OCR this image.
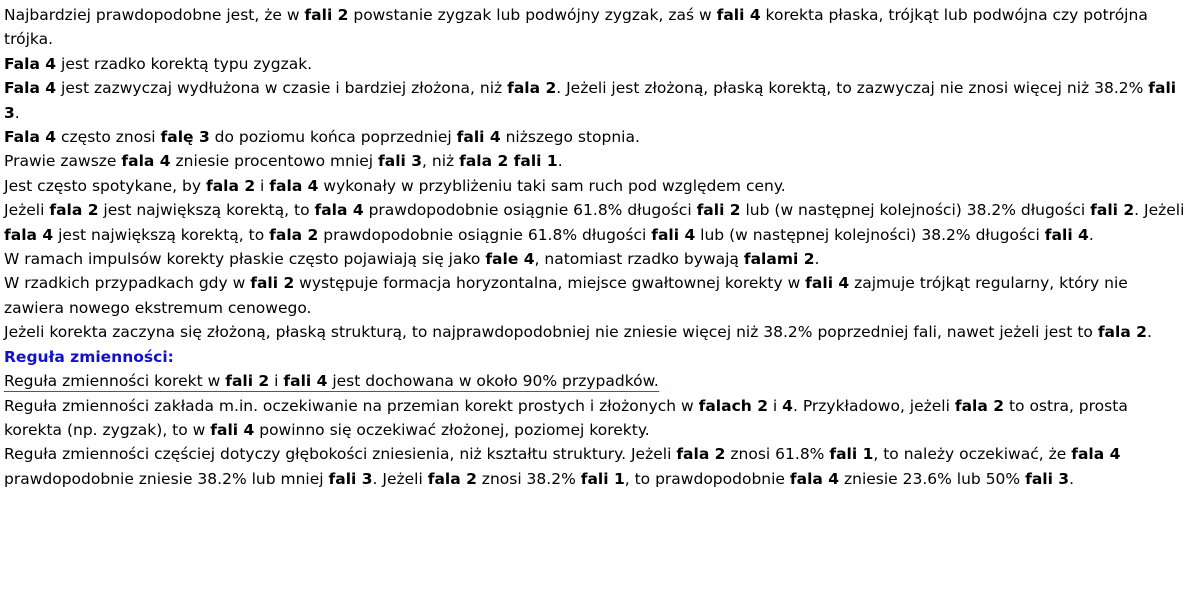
Najbardziej prawdopodobne jest, że w fali 2 powstanie zygzak lub podwójny zygzak, zaś w fali 4 korekta płaska, trójkąt lub podwójna czy potrójna trójka.
Fala 4 jest rzadko korektą typu zygzak.
Fala 4 jest zazwyczaj wydłużona w czasie i bardziej złożona, niż fala 2. Jeżeli jest złożoną, płaską korektą, to zazwyczaj nie znosi więcej niż 38.2% fali 3.
Fala 4 często znosi falę 3 do poziomu końca poprzedniej fali 4 niższego stopnia.
Prawie zawsze fala 4 zniesie procentowo mniej fali 3, niż fala 2 fali 1.
Jest często spotykane, by fala 2 i fala 4 wykonały w przybliżeniu taki sam ruch pod względem ceny.
Jeżeli fala 2 jest największą korektą, to fala 4 prawdopodobnie osiągnie 61.8% długości fali 2 lub (w następnej kolejności) 38.2% długości fali 2. Jeżeli fala 4 jest największą korektą, to fala 2 prawdopodobnie osiągnie 61.8% długości fali 4 lub (w następnej kolejności) 38.2% długości fali 4.
W ramach impulsów korekty płaskie często pojawiają się jako fale 4, natomiast rzadko bywają falami 2.
W rzadkich przypadkach gdy w fali 2 występuje formacja horyzontalna, miejsce gwałtownej korekty w fali 4 zajmuje trójkąt regularny, który nie zawiera nowego ekstremum cenowego.
Jeżeli korekta zaczyna się złożoną, płaską strukturą, to najprawdopodobniej nie zniesie więcej niż 38.2% poprzedniej fali, nawet jeżeli jest to fala 2.
Reguła zmienności:
Reguła zmienności korekt w fali 2 i fali 4 jest dochowana w około 90% przypadków.
Reguła zmienności zakłada m.in. oczekiwanie na przemian korekt prostych i złożonych w falach 2 i 4. Przykładowo, jeżeli fala 2 to ostra, prosta korekta (np. zygzak), to w fali 4 powinno się oczekiwać złożonej, poziomej korekty.
Reguła zmienności częściej dotyczy głębokości zniesienia, niż kształtu struktury. Jeżeli fala 2 znosi 61.8% fali 1, to należy oczekiwać, że fala 4 prawdopodobnie zniesie 38.2% lub mniej fali 3. Jeżeli fala 2 znosi 38.2% fali 1, to prawdopodobnie fala 4 zniesie 23.6% lub 50% fali 3.
